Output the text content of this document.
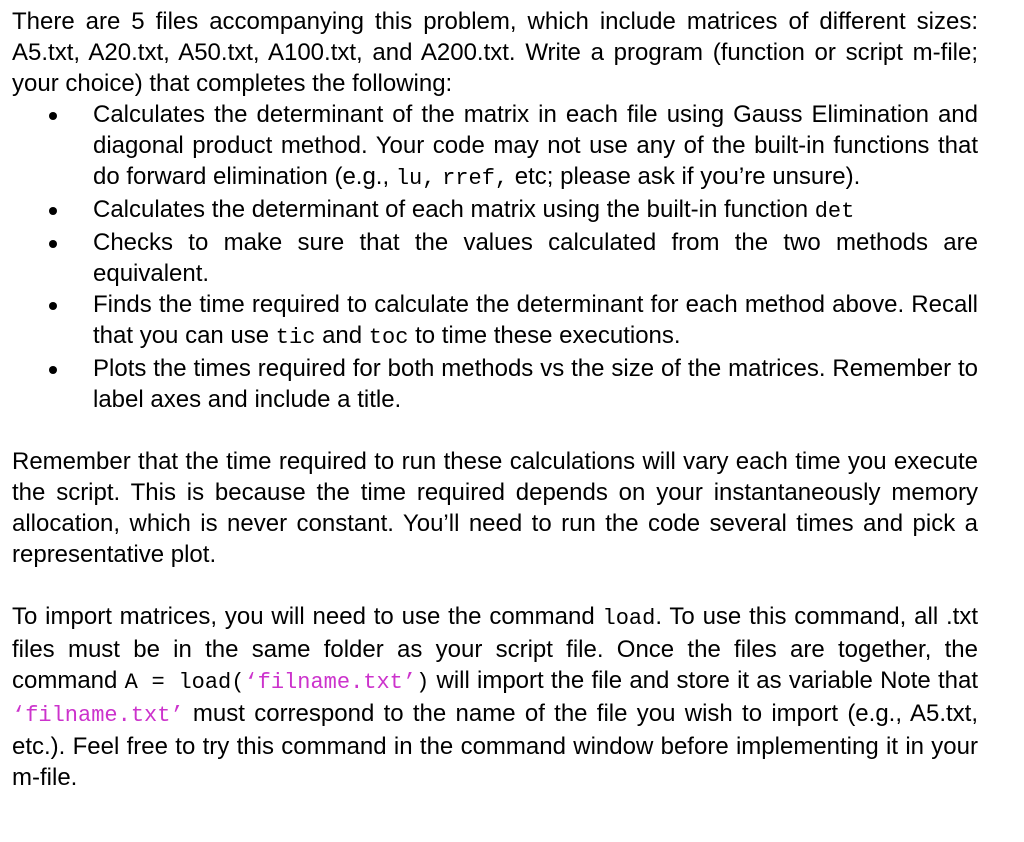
There are 5 files accompanying this problem, which include matrices of different sizes: A5.txt, A20.txt, A50.txt, A100.txt, and A200.txt. Write a program (function or script m-file; your choice) that completes the following:

Calculates the determinant of the matrix in each file using Gauss Elimination and diagonal product method. Your code may not use any of the built-in functions that do forward elimination (e.g., lu, rref, etc; please ask if you’re unsure).

Calculates the determinant of each matrix using the built-in function det

Checks to make sure that the values calculated from the two methods are equivalent.

Finds the time required to calculate the determinant for each method above. Recall that you can use tic and toc to time these executions.

Plots the times required for both methods vs the size of the matrices. Remember to label axes and include a title.

Remember that the time required to run these calculations will vary each time you execute the script. This is because the time required depends on your instantaneously memory allocation, which is never constant. You’ll need to run the code several times and pick a representative plot.

To import matrices, you will need to use the command load. To use this command, all .txt files must be in the same folder as your script file. Once the files are together, the command A = load(‘filname.txt’) will import the file and store it as variable Note that ‘filname.txt’ must correspond to the name of the file you wish to import (e.g., A5.txt, etc.). Feel free to try this command in the command window before implementing it in your m-file.
